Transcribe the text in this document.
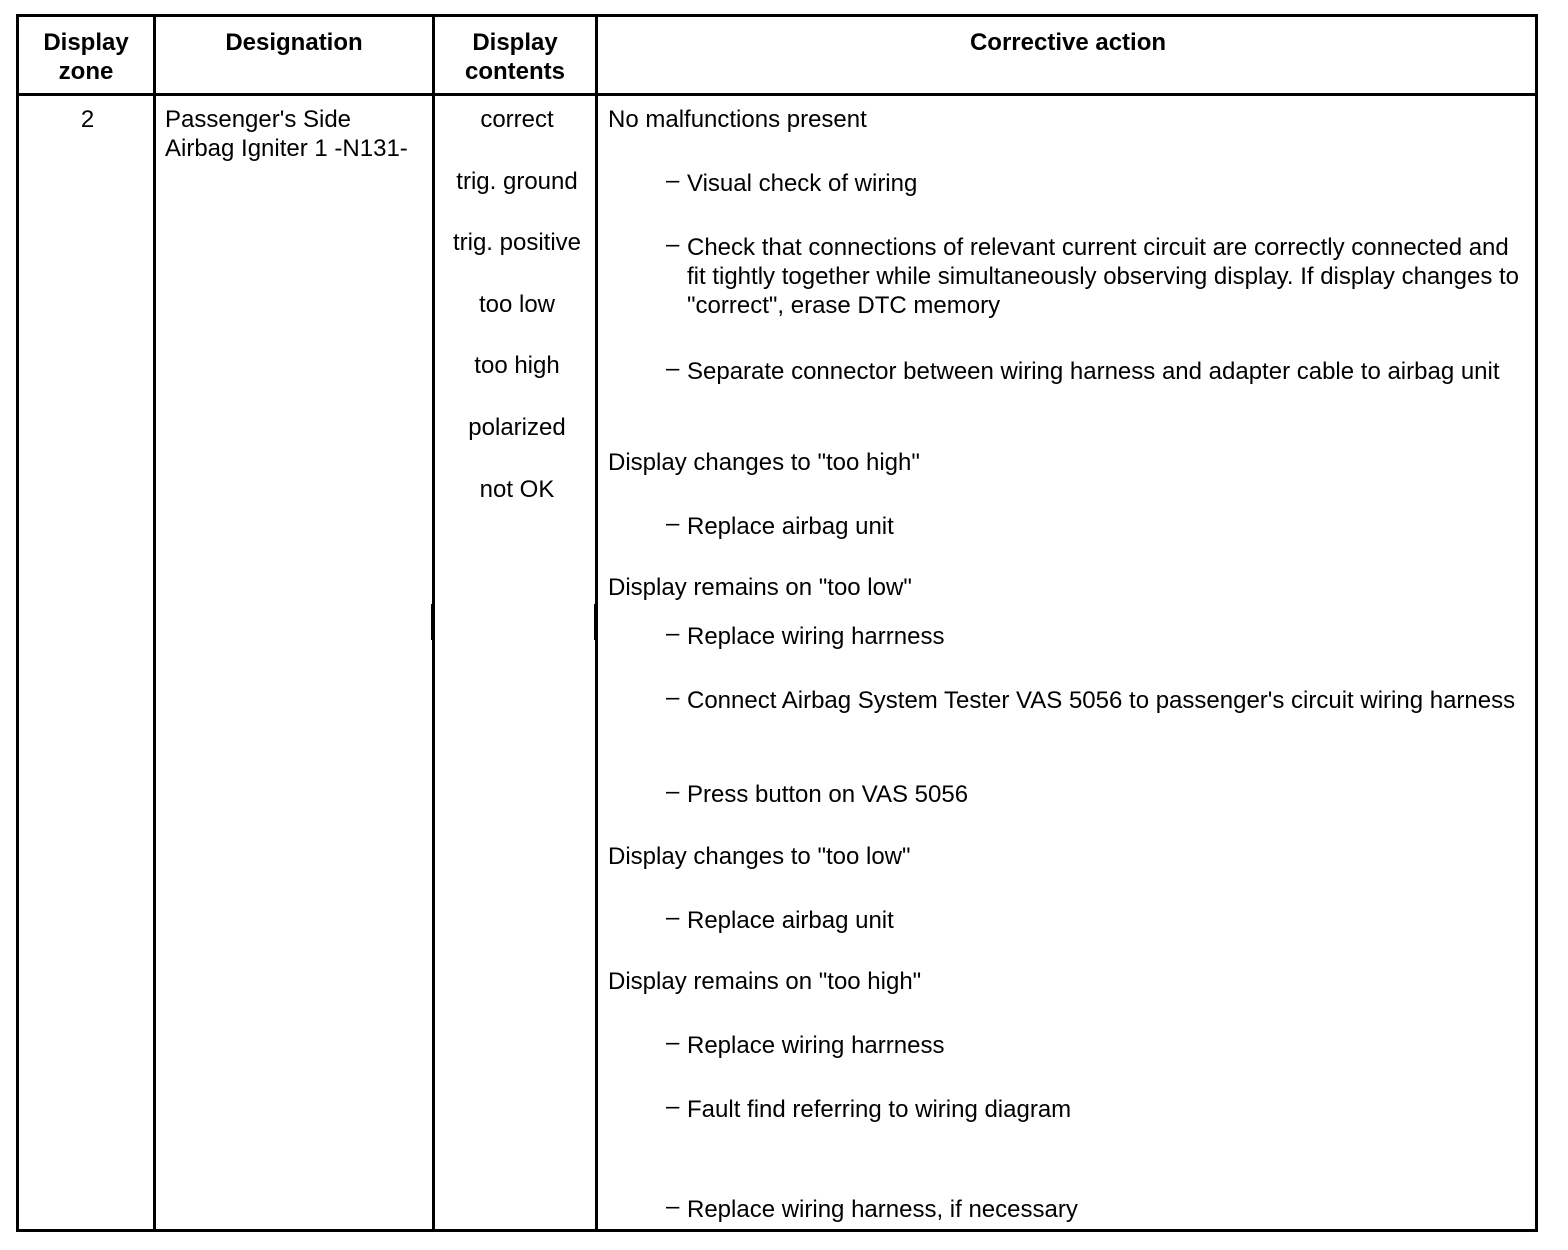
Display zone
Designation	Display contents
Corrective action
2	Passenger's Side Airbag Igniter 1 -N131-
correct
trig. ground
trig. positive
too low
too high
polarized
not OK
No malfunctions present
– Visual check of wiring
– Check that connections of relevant current circuit are correctly connected and fit tightly together while simultaneously observing display. If display changes to "correct", erase DTC memory
– Separate connector between wiring harness and adapter cable to airbag unit
Display changes to "too high"
– Replace airbag unit
Display remains on "too low"
– Replace wiring harrness
– Connect Airbag System Tester VAS 5056 to passenger's circuit wiring harness
– Press button on VAS 5056
Display changes to "too low"
– Replace airbag unit
Display remains on "too high"
– Replace wiring harrness
– Fault find referring to wiring diagram
– Replace wiring harness, if necessary
